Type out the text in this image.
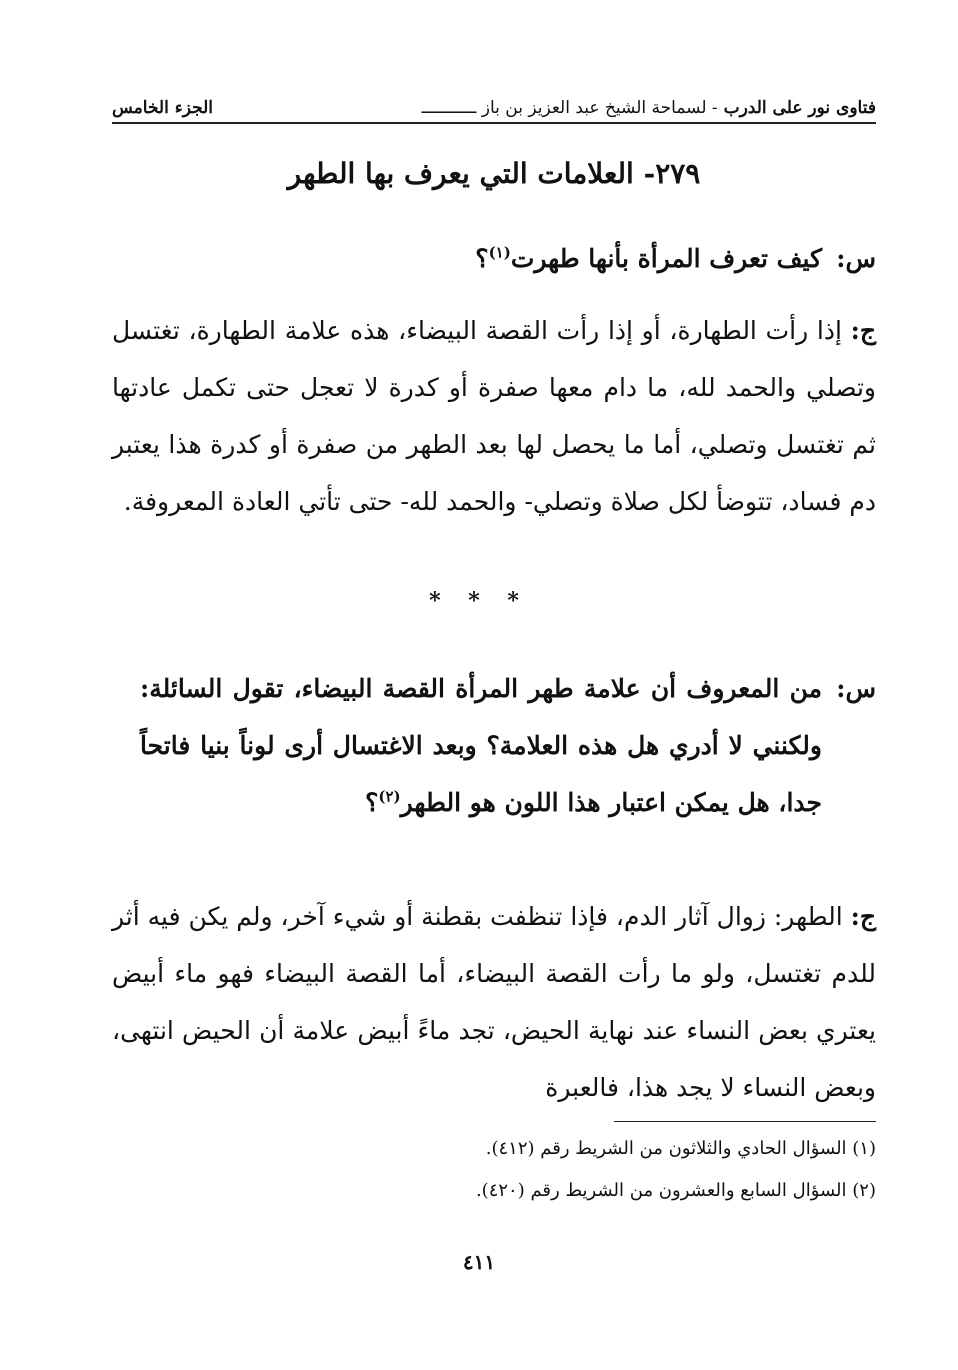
فتاوى نور على الدرب - لسماحة الشيخ عبد العزيز بن باز ـــــــــــ
الجزء الخامس
٢٧٩- العلامات التي يعرف بها الطهر
س:
كيف تعرف المرأة بأنها طهرت$^{(١)}$؟
ج: إذا رأت الطهارة، أو إذا رأت القصة البيضاء، هذه علامة الطهارة، تغتسل وتصلي والحمد لله، ما دام معها صفرة أو كدرة لا تعجل حتى تكمل عادتها ثم تغتسل وتصلي، أما ما يحصل لها بعد الطهر من صفرة أو كدرة هذا يعتبر دم فساد، تتوضأ لكل صلاة وتصلي- والحمد لله- حتى تأتي العادة المعروفة.
* * *
س:
من المعروف أن علامة طهر المرأة القصة البيضاء، تقول السائلة: ولكنني لا أدري هل هذه العلامة؟ وبعد الاغتسال أرى لوناً بنيا فاتحاً جدا، هل يمكن اعتبار هذا اللون هو الطهر$^{(٢)}$؟
ج: الطهر: زوال آثار الدم، فإذا تنظفت بقطنة أو شيء آخر، ولم يكن فيه أثر للدم تغتسل، ولو ما رأت القصة البيضاء، أما القصة البيضاء فهو ماء أبيض يعتري بعض النساء عند نهاية الحيض، تجد ماءً أبيض علامة أن الحيض انتهى، وبعض النساء لا يجد هذا، فالعبرة
(١) السؤال الحادي والثلاثون من الشريط رقم (٤١٢).
(٢) السؤال السابع والعشرون من الشريط رقم (٤٢٠).
٤١١
